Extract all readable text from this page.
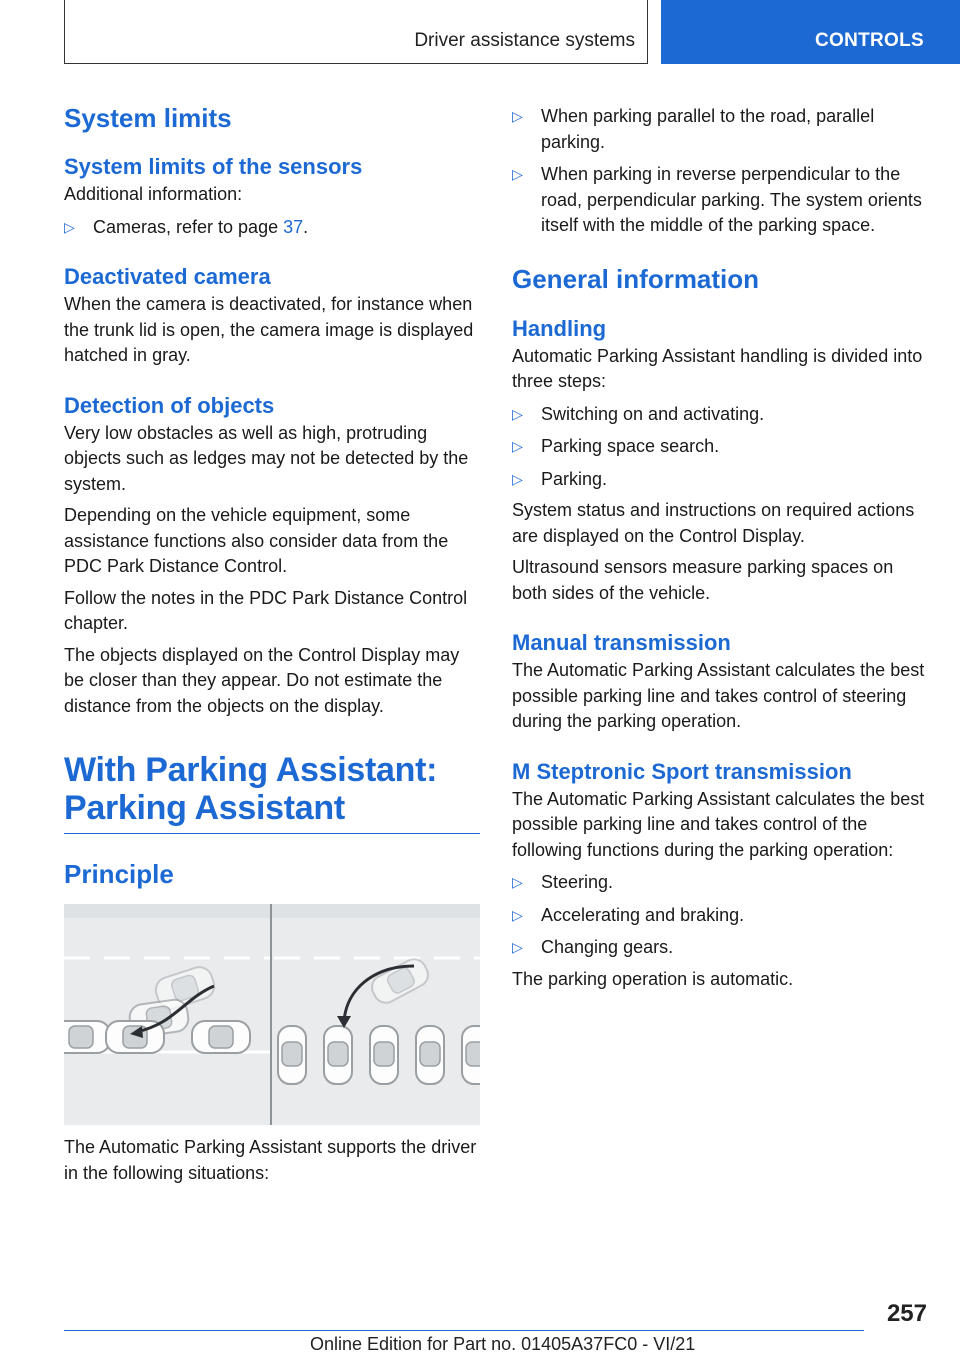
Driver assistance systems	CONTROLS
System limits
System limits of the sensors

Additional information:

▷ Cameras, refer to page 37.
Deactivated camera

When the camera is deactivated, for instance when the trunk lid is open, the camera image is displayed hatched in gray.

Detection of objects

Very low obstacles as well as high, protruding objects such as ledges may not be detected by the system.

Depending on the vehicle equipment, some assistance functions also consider data from the PDC Park Distance Control.

Follow the notes in the PDC Park Distance Control chapter.

The objects displayed on the Control Display may be closer than they appear. Do not estimate the distance from the objects on the display.

With Parking Assistant:
Parking Assistant
Principle

The Automatic Parking Assistant supports the driver in the following situations:

▷ When parking parallel to the road, parallel parking.
▷ When parking in reverse perpendicular to the road, perpendicular parking. The system orients itself with the middle of the parking space.
General information
Handling

Automatic Parking Assistant handling is divided into three steps:

▷ Switching on and activating.
▷ Parking space search.
▷ Parking.

System status and instructions on required actions are displayed on the Control Display.

Ultrasound sensors measure parking spaces on both sides of the vehicle.

Manual transmission

The Automatic Parking Assistant calculates the best possible parking line and takes control of steering during the parking operation.

M Steptronic Sport transmission

The Automatic Parking Assistant calculates the best possible parking line and takes control of the following functions during the parking operation:

▷ Steering.
▷ Accelerating and braking.
▷ Changing gears.

The parking operation is automatic.

257
Online Edition for Part no. 01405A37FC0 - VI/21
